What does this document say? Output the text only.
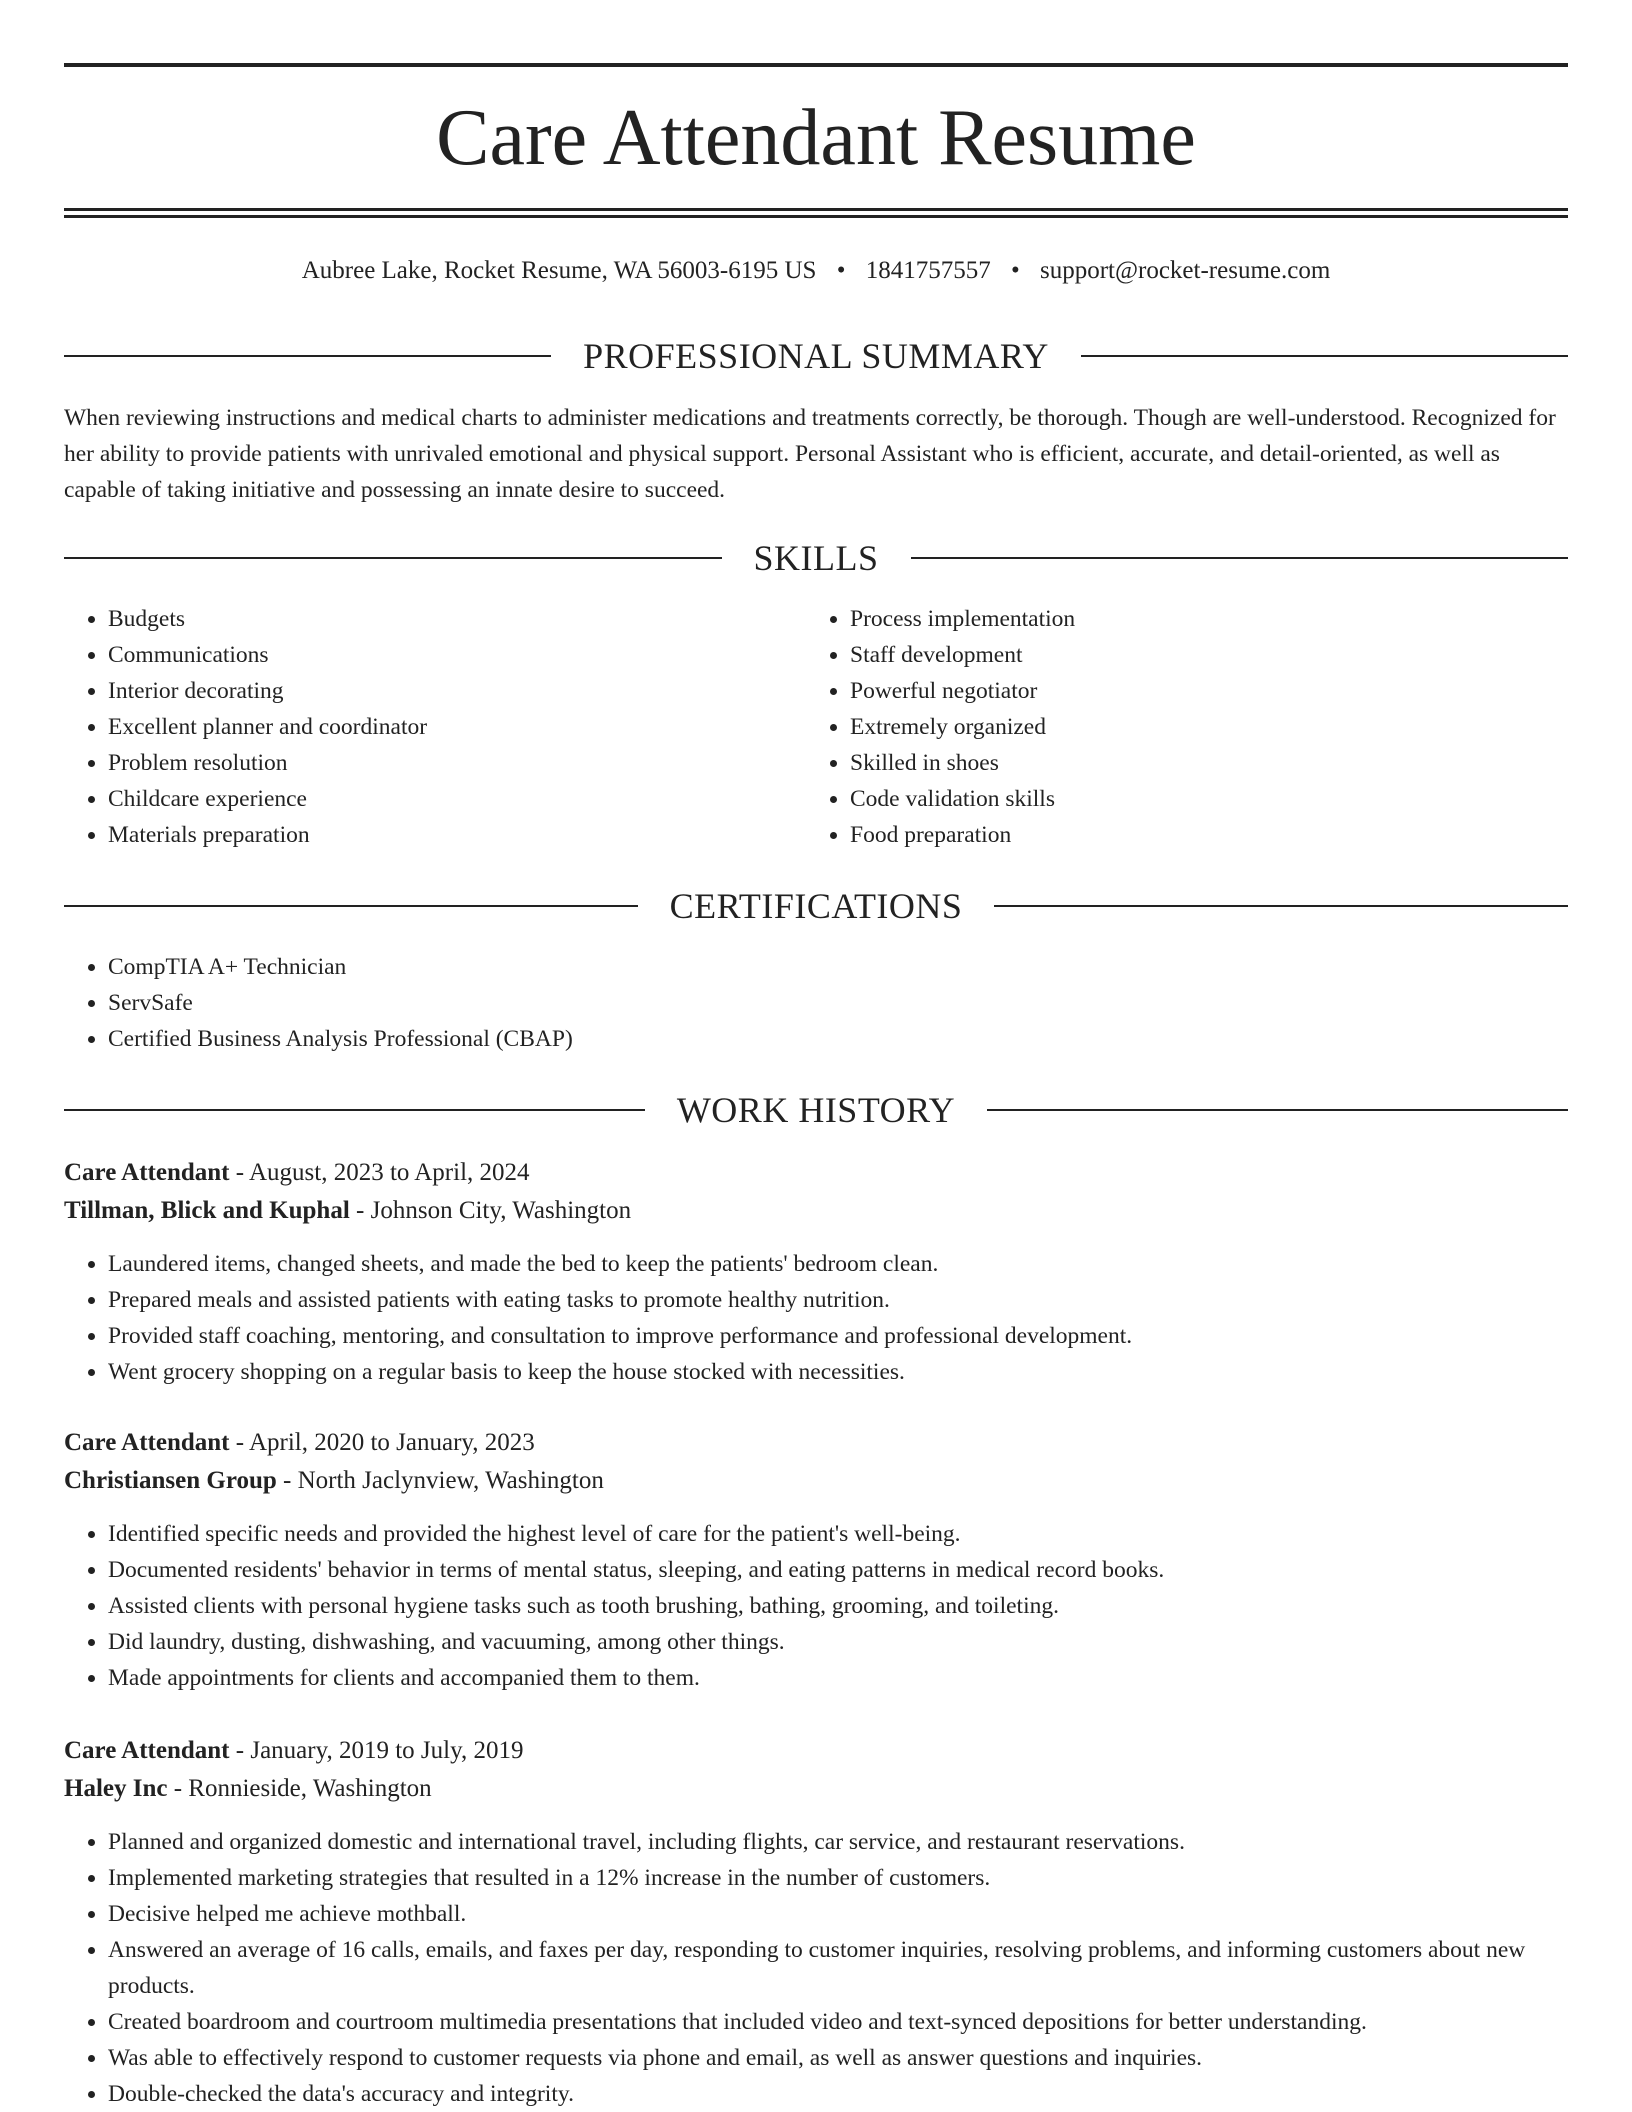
Care Attendant Resume
Aubree Lake, Rocket Resume, WA 56003-6195 US • 1841757557 • support@rocket-resume.com
PROFESSIONAL SUMMARY

When reviewing instructions and medical charts to administer medications and treatments correctly, be thorough. Though are well-understood. Recognized for her ability to provide patients with unrivaled emotional and physical support. Personal Assistant who is efficient, accurate, and detail-oriented, as well as capable of taking initiative and possessing an innate desire to succeed.

SKILLS
• Budgets
• Communications
• Interior decorating
• Excellent planner and coordinator
• Problem resolution
• Childcare experience
• Materials preparation
• Process implementation
• Staff development
• Powerful negotiator
• Extremely organized
• Skilled in shoes
• Code validation skills
• Food preparation
CERTIFICATIONS
• CompTIA A+ Technician
• ServSafe
• Certified Business Analysis Professional (CBAP)
WORK HISTORY

Care Attendant - August, 2023 to April, 2024

Tillman, Blick and Kuphal - Johnson City, Washington

• Laundered items, changed sheets, and made the bed to keep the patients' bedroom clean.
• Prepared meals and assisted patients with eating tasks to promote healthy nutrition.
• Provided staff coaching, mentoring, and consultation to improve performance and professional development.
• Went grocery shopping on a regular basis to keep the house stocked with necessities.

Care Attendant - April, 2020 to January, 2023

Christiansen Group - North Jaclynview, Washington

• Identified specific needs and provided the highest level of care for the patient's well-being.
• Documented residents' behavior in terms of mental status, sleeping, and eating patterns in medical record books.
• Assisted clients with personal hygiene tasks such as tooth brushing, bathing, grooming, and toileting.
• Did laundry, dusting, dishwashing, and vacuuming, among other things.
• Made appointments for clients and accompanied them to them.

Care Attendant - January, 2019 to July, 2019

Haley Inc - Ronnieside, Washington

• Planned and organized domestic and international travel, including flights, car service, and restaurant reservations.
• Implemented marketing strategies that resulted in a 12% increase in the number of customers.
• Decisive helped me achieve mothball.
• Answered an average of 16 calls, emails, and faxes per day, responding to customer inquiries, resolving problems, and informing customers about new products.
• Created boardroom and courtroom multimedia presentations that included video and text-synced depositions for better understanding.
• Was able to effectively respond to customer requests via phone and email, as well as answer questions and inquiries.
• Double-checked the data's accuracy and integrity.
